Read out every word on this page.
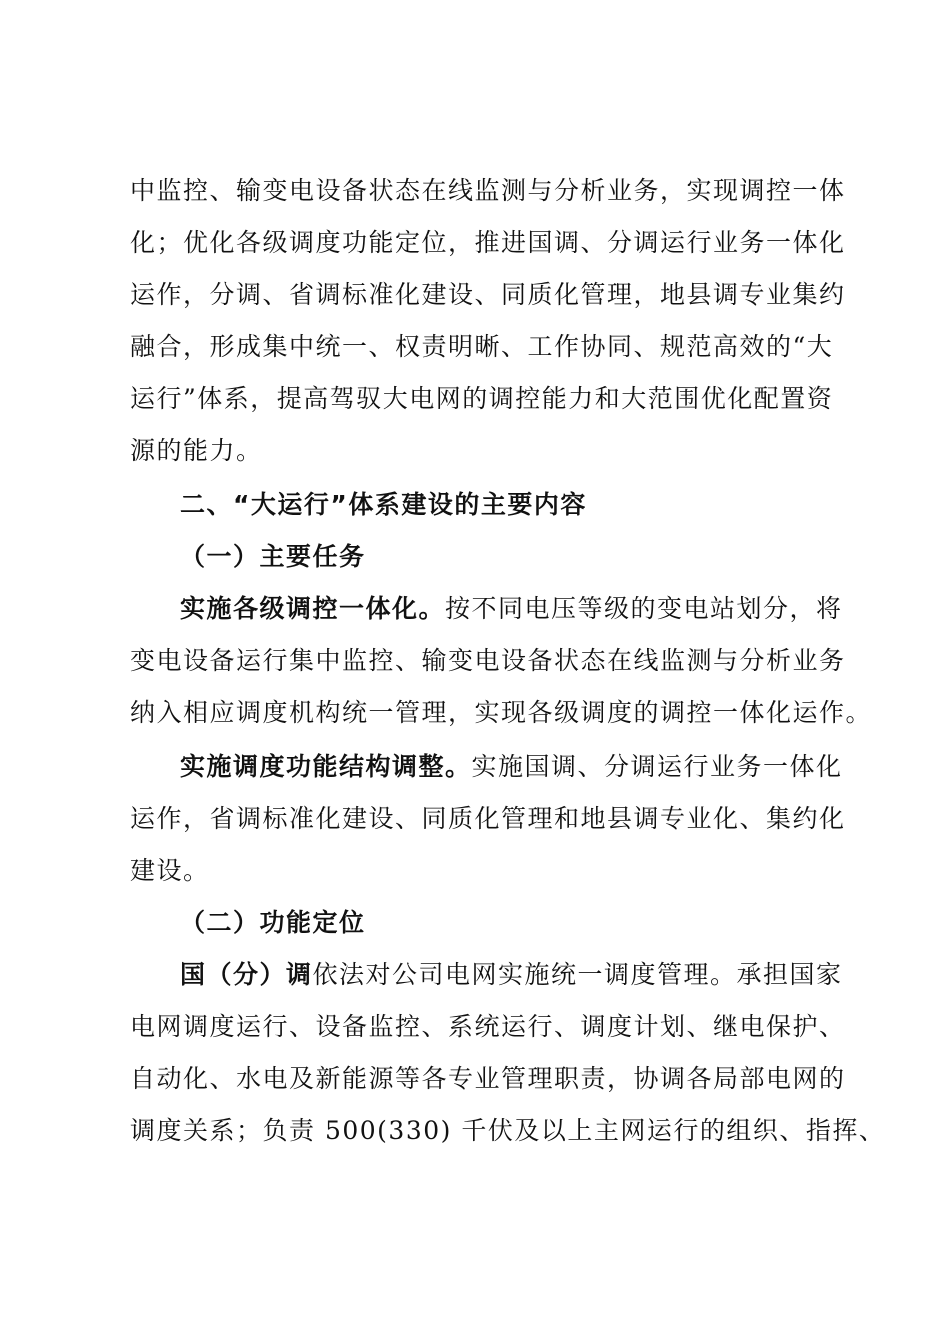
中监控、输变电设备状态在线监测与分析业务，实现调控一体
化；优化各级调度功能定位，推进国调、分调运行业务一体化
运作，分调、省调标准化建设、同质化管理，地县调专业集约
融合，形成集中统一、权责明晰、工作协同、规范高效的“大
运行”体系，提高驾驭大电网的调控能力和大范围优化配置资
源的能力。
二、“大运行”体系建设的主要内容
（一）主要任务
实施各级调控一体化。按不同电压等级的变电站划分，将
变电设备运行集中监控、输变电设备状态在线监测与分析业务
纳入相应调度机构统一管理，实现各级调度的调控一体化运作。
实施调度功能结构调整。实施国调、分调运行业务一体化
运作，省调标准化建设、同质化管理和地县调专业化、集约化
建设。
（二）功能定位
国（分）调依法对公司电网实施统一调度管理。承担国家
电网调度运行、设备监控、系统运行、调度计划、继电保护、
自动化、水电及新能源等各专业管理职责，协调各局部电网的
调度关系；负责 500(330) 千伏及以上主网运行的组织、指挥、
